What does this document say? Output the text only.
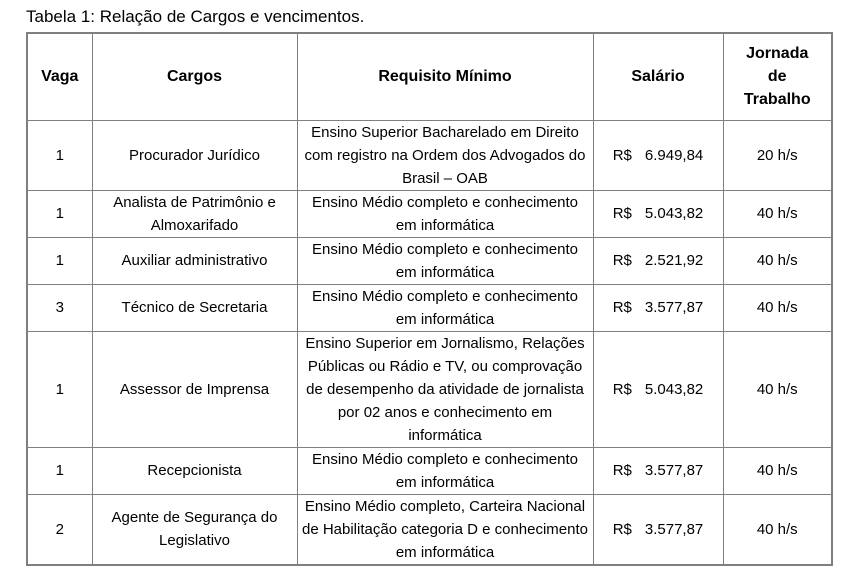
Tabela 1: Relação de Cargos e vencimentos.
Vaga	Cargos	Requisito Mínimo	Salário	Jornada de Trabalho

1	Procurador Jurídico	Ensino Superior Bacharelado em Direito com registro na Ordem dos Advogados do Brasil – OAB	R$ 6.949,84	20 h/s
1	Analista de Patrimônio e Almoxarifado	Ensino Médio completo e conhecimento em informática	R$ 5.043,82	40 h/s
1	Auxiliar administrativo	Ensino Médio completo e conhecimento em informática	R$ 2.521,92	40 h/s
3	Técnico de Secretaria	Ensino Médio completo e conhecimento em informática	R$ 3.577,87	40 h/s
1	Assessor de Imprensa	Ensino Superior em Jornalismo, Relações Públicas ou Rádio e TV, ou comprovação de desempenho da atividade de jornalista por 02 anos e conhecimento em informática	R$ 5.043,82	40 h/s
1	Recepcionista	Ensino Médio completo e conhecimento em informática	R$ 3.577,87	40 h/s
2	Agente de Segurança do Legislativo	Ensino Médio completo, Carteira Nacional de Habilitação categoria D e conhecimento em informática	R$ 3.577,87	40 h/s
